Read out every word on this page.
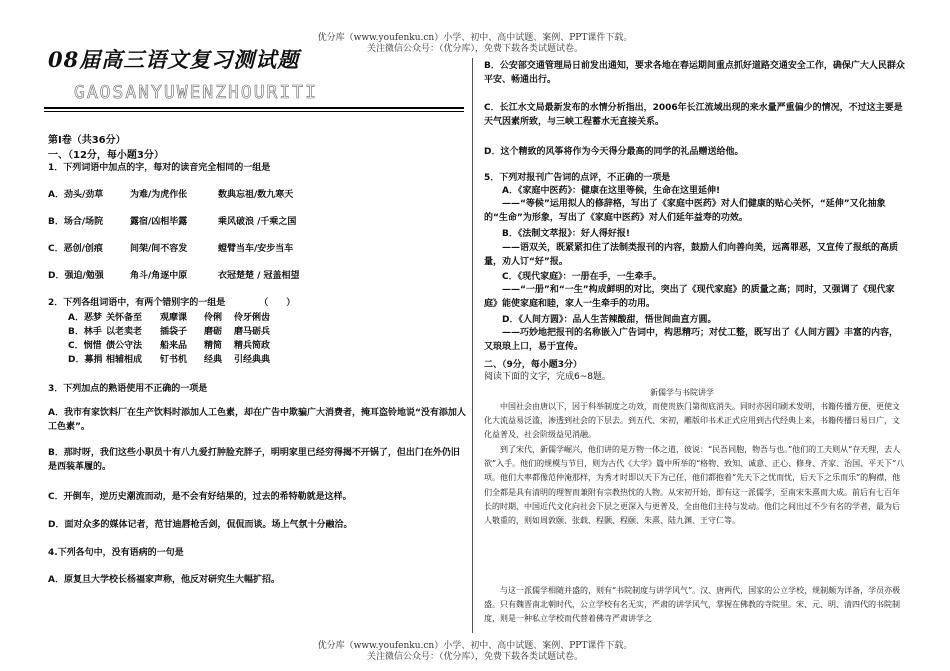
优分库（www.youfenku.cn）小学、初中、高中试题、案例、PPT课件下载。
关注微信公众号：（优分库），免费下载各类试题试卷。
08届高三语文复习测试题
GAOSANYUWENZHOURITI
第Ⅰ卷（共36分）
一、（12分，每小题3分）
1．下列词语中加点的字，每对的读音完全相同的一组是
A．劲头/劲草	为难/为虎作伥	数典忘祖/数九寒天
B．场合/场院	露宿/凶相毕露	乘风破浪 /千乘之国
C．恶创/创痕	间架/间不容发	螳臂当车/安步当车
D．强迫/勉强	角斗/角逐中原	衣冠楚楚 / 冠盖相望
2．下列各组词语中，有两个错别字的一组是	（　　）
A．恶梦 关怀备至 观摩课 伶俐 伶牙俐齿
B．林手 以老卖老 插袋子 磨砺 磨马砺兵
C．悯惜 债公守法 船来品 精简 精兵简政
D．募捐 相辅相成 钉书机 经典 引经典典
3．下列加点的熟语使用不正确的一项是
A．我市有家饮料厂在生产饮料时添加人工色素，却在广告中欺骗广大消费者，掩耳盗铃地说“没有添加人工色素”。
B．那时呀，我们这些小职员十有八九爱打肿脸充胖子，明明家里已经穷得揭不开锅了，但出门在外仍旧是西装革履的。
C．开倒车，逆历史潮流而动，是不会有好结果的，过去的希特勒就是这样。
D．面对众多的媒体记者，范甘迪唇枪舌剑，侃侃而谈。场上气氛十分融洽。
4.下列各句中，没有语病的一句是
A．原复旦大学校长杨福家声称，他反对研究生大幅扩招。
B．公安部交通管理局日前发出通知，要求各地在春运期间重点抓好道路交通安全工作，确保广大人民群众平安、畅通出行。
C．长江水文局最新发布的水情分析指出，2006年长江流域出现的来水量严重偏少的情况，不过这主要是天气因素所致，与三峡工程蓄水无直接关系。
D．这个精致的风筝将作为今天得分最高的同学的礼品赠送给他。
5．下列对报刊广告词的点评，不正确的一项是
A．《家庭中医药》：健康在这里等候，生命在这里延伸!
——“等候”运用拟人的修辞格，写出了《家庭中医药》对人们健康的贴心关怀，“延伸”又化抽象的“生命”为形象，写出了《家庭中医药》对人们延年益寿的功效。
B．《法制文萃报》：好人得好报!
——语双关，既紧紧扣住了法制类报刊的内容，鼓励人们向善向美，远离罪恶，又宣传了报纸的高质量，劝人订“好”报。
C．《现代家庭》：一册在手，一生牵手。
——“一册”和“一生”构成鲜明的对比，突出了《现代家庭》的质量之高；同时，又强调了《现代家庭》能使家庭和睦，家人一生牵手的功用。
D．《人间方圆》：品人生苦辣酸甜，悟世间曲直方圆。
——巧妙地把报刊的名称嵌入广告词中，构思精巧；对仗工整，既写出了《人间方圆》丰富的内容，又琅琅上口，易于宣传。
二、（9分，每小题3分）
阅读下面的文字，完成6~8题。
新儒学与书院讲学
中国社会由唐以下，因于科举制度之功效，而使贵族门第彻底消失。同时亦因印刷术发明，书籍传播方便，更使文化大流益易泛滥，渗透到社会的下层去。到五代、宋初，雕版印书术正式应用到古代经典上来，书籍传播日易日广，文化益普及，社会阶级益见消融。
到了宋代，新儒学崛兴，他们讲的是万物一体之道，彼说：“民吾同胞，物吾与也。”他们的工夫则从“存天理，去人欲”入手。他们的规模与节目，则为古代《大学》篇中所举的“格物、致知、诚意、正心、修身、齐家、治国、平天下”八项。他们大率都像范仲淹那样，为秀才时即以天下为己任，他们都抱着“先天下之忧而忧，后天下之乐而乐”的胸襟，他们全都是具有清明的理智而兼附有宗教热忱的人物。从宋初开始，即有这一派儒学，至南宋朱熹而大成。前后有七百年长的时期，中国近代文化向社会下层之更深入与更普及，全由他们主持与发动。他们之间出过不少有名的学者，最为后人敬重的，则如周敦颐、张载、程颢、程颐、朱熹、陆九渊、王守仁等。
与这一派儒学相随并盛的，则有“书院制度与讲学风气”。汉、唐两代，国家的公立学校，规制颇为详备，学员亦极盛。只有魏晋南北朝时代，公立学校有名无实，严肃的讲学风气，掌握在佛教的寺院里。宋、元、明、清四代的书院制度，则是一种私立学校而代替着佛寺严肃讲学之
优分库（www.youfenku.cn）小学、初中、高中试题、案例、PPT课件下载。
关注微信公众号：（优分库），免费下载各类试题试卷。
